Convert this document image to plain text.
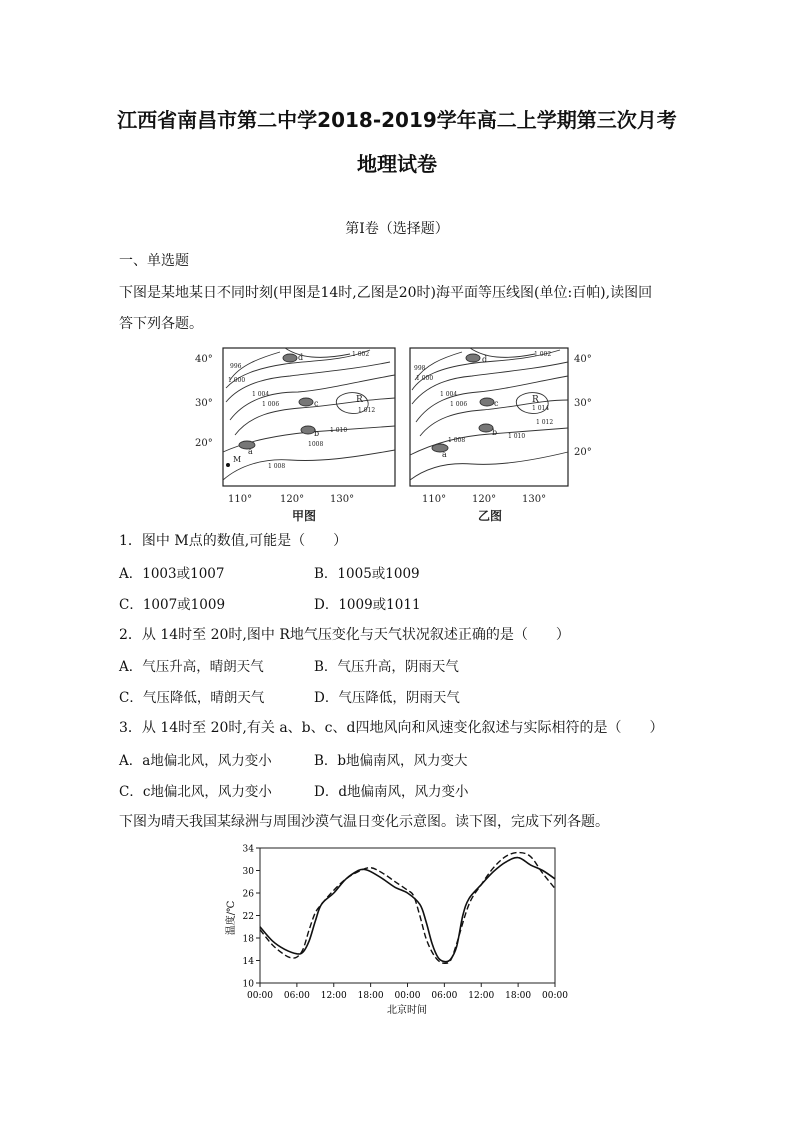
江西省南昌市第二中学2018-2019学年高二上学期第三次月考
地理试卷
第I卷（选择题）
一、单选题
下图是某地某日不同时刻(甲图是14时,乙图是20时)海平面等压线图(单位:百帕),读图回
答下列各题。
40°
30°
20°
110°	120°	130°
d
c
b
a
M
R
1 002
996
1 000
1 004
1 006
1 012
1 010
1008
1 008
甲图
40°
30°
20°
110°	120°	130°
d
c
b
a
R
1 002
998
1 000
1 004
1 006
1 014
1 012
1 008
1 010
乙图
1．图中 M点的数值,可能是（　　）
A．1003或1007	B．1005或1009
C．1007或1009	D．1009或1011
2．从 14时至 20时,图中 R地气压变化与天气状况叙述正确的是（　　）
A．气压升高，晴朗天气	B．气压升高，阴雨天气
C．气压降低，晴朗天气	D．气压降低，阴雨天气
3．从 14时至 20时,有关 a、b、c、d四地风向和风速变化叙述与实际相符的是（　　）
A．a地偏北风，风力变小	B．b地偏南风，风力变大
C．c地偏北风，风力变小	D．d地偏南风，风力变小
下图为晴天我国某绿洲与周围沙漠气温日变化示意图。读下图，完成下列各题。
10
14
18
22
26
30
34
00:00 06:00 12:00 18:00 00:00 06:00 12:00 18:00 00:00
温度/℃
北京时间
